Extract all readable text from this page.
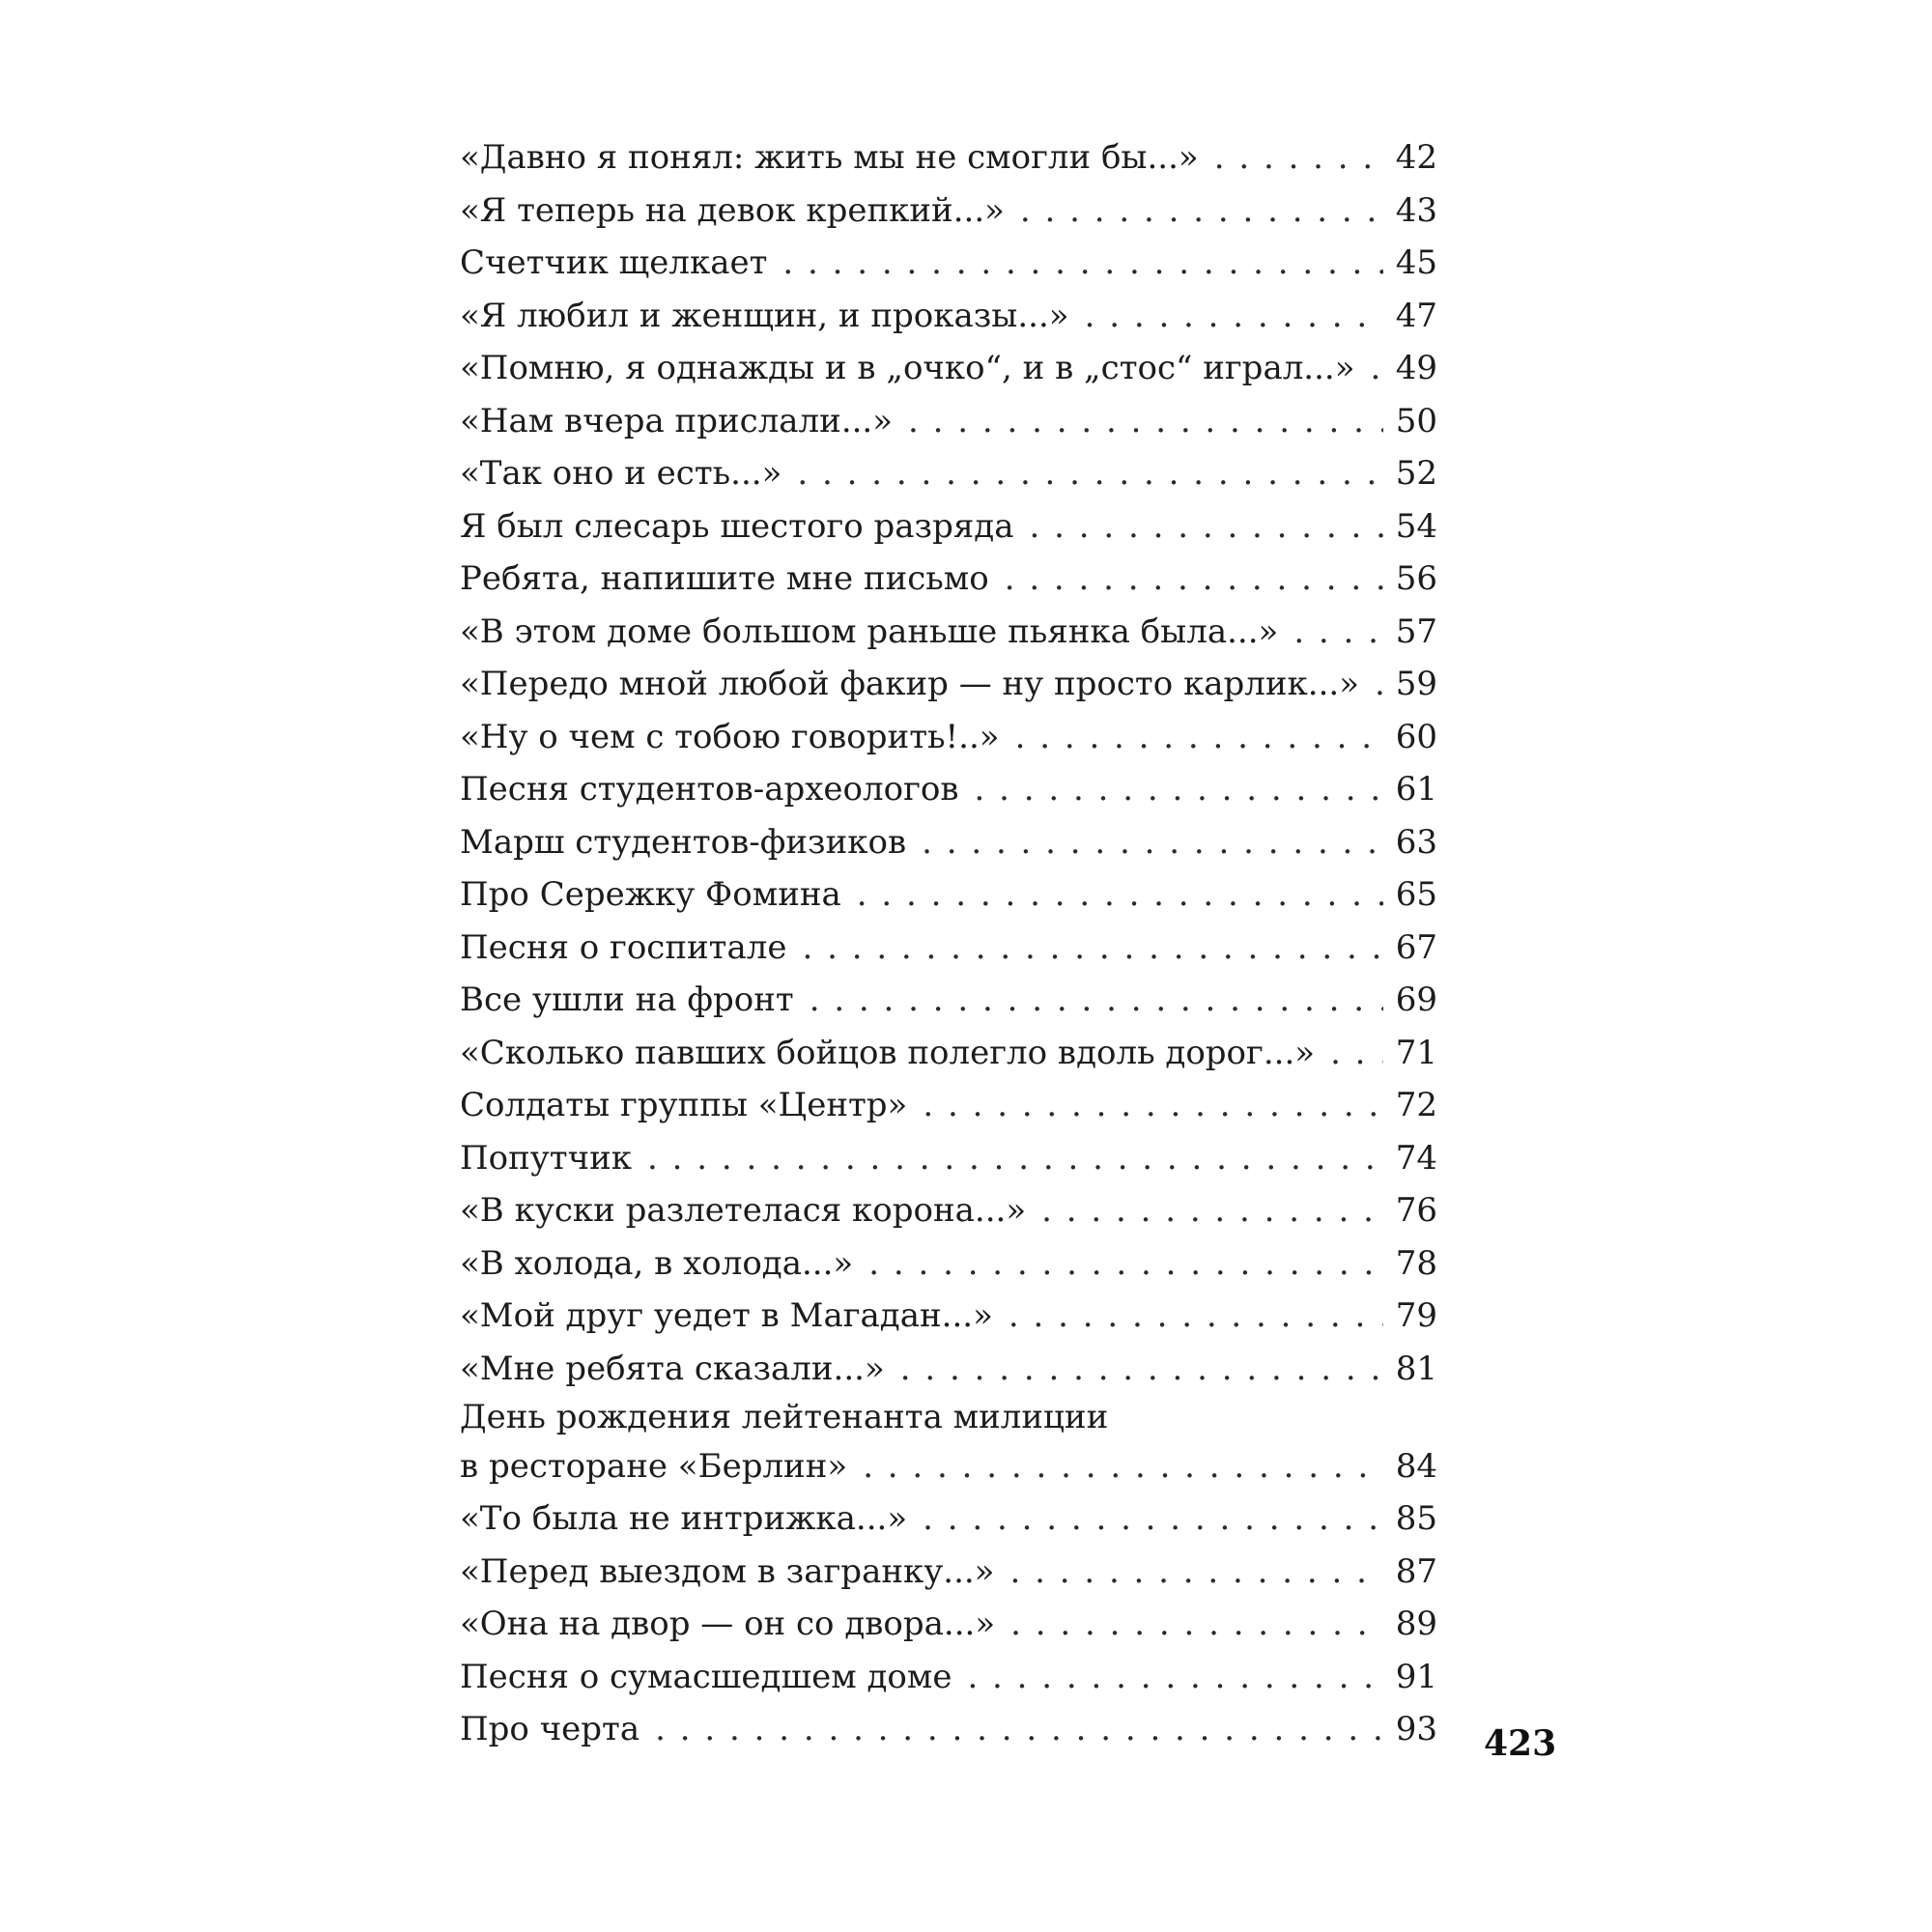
«Давно я понял: жить мы не смогли бы...» . . .	42
«Я теперь на девок крепкий...» . . .	43
Счетчик щелкает . . .	45
«Я любил и женщин, и проказы...» . . .	47
«Помню, я однажды и в „очко“, и в „стос“ играл...» . . . 49
«Нам вчера прислали...» . . .	50
«Так оно и есть...» . . .	52
Я был слесарь шестого разряда . . .	54
Ребята, напишите мне письмо . . .	56
«В этом доме большом раньше пьянка была...» . . .	57
«Передо мной любой факир — ну просто карлик...» . . . 59
«Ну о чем с тобою говорить!..» . . .	60
Песня студентов-археологов . . .	61
Марш студентов-физиков . . .	63
Про Сережку Фомина . . .	65
Песня о госпитале . . .	67
Все ушли на фронт . . .	69
«Сколько павших бойцов полегло вдоль дорог...» . . . 71
Солдаты группы «Центр» . . .	72
Попутчик . . .	74
«В куски разлетелася корона...» . . .	76
«В холода, в холода...» . . .	78
«Мой друг уедет в Магадан...» . . .	79
«Мне ребята сказали...» . . .	81
День рождения лейтенанта милиции
в ресторане «Берлин» . . .	84
«То была не интрижка...» . . .	85
«Перед выездом в загранку...» . . .	87
«Она на двор — он со двора...» . . .	89
Песня о сумасшедшем доме . . .	91
Про черта . . .	93 423
